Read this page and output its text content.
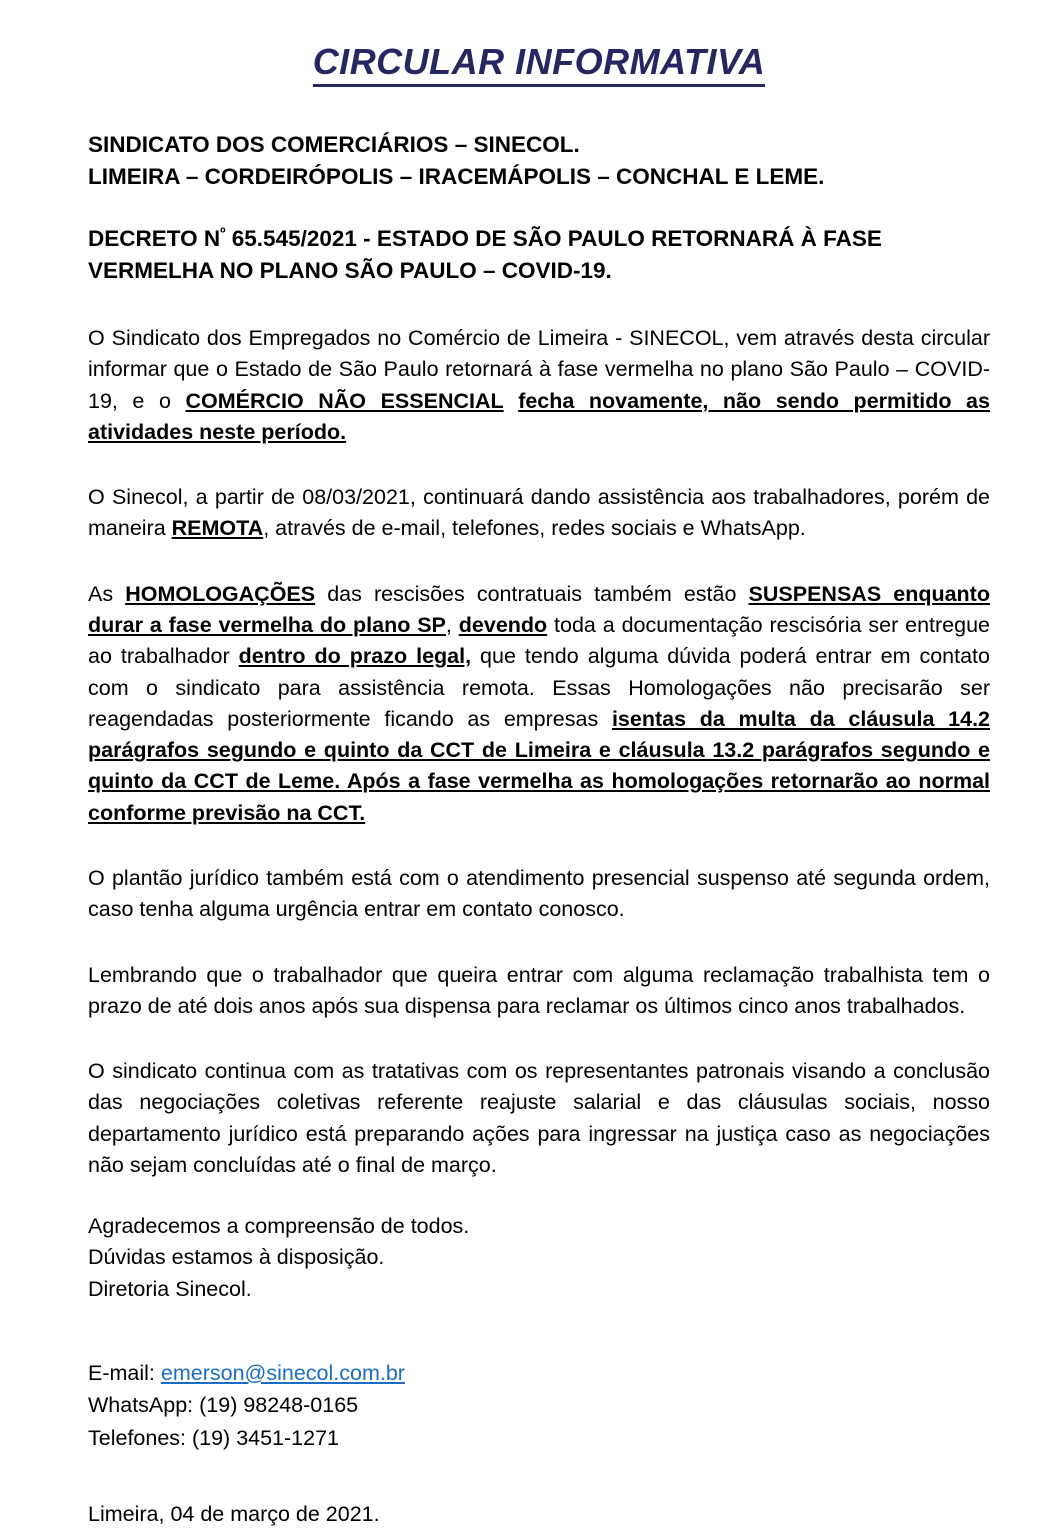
CIRCULAR INFORMATIVA
SINDICATO DOS COMERCIÁRIOS – SINECOL.
LIMEIRA – CORDEIRÓPOLIS – IRACEMÁPOLIS – CONCHAL E LEME.
DECRETO $N^º$ 65.545/2021 - ESTADO DE SÃO PAULO RETORNARÁ À FASE
VERMELHA NO PLANO SÃO PAULO – COVID-19.

O Sindicato dos Empregados no Comércio de Limeira - SINECOL, vem através desta circular informar que o Estado de São Paulo retornará à fase vermelha no plano São Paulo – COVID-19, e o COMÉRCIO NÃO ESSENCIAL fecha novamente, não sendo permitido as atividades neste período.

O Sinecol, a partir de 08/03/2021, continuará dando assistência aos trabalhadores, porém de maneira REMOTA, através de e-mail, telefones, redes sociais e WhatsApp.

As HOMOLOGAÇÕES das rescisões contratuais também estão SUSPENSAS enquanto durar a fase vermelha do plano SP, devendo toda a documentação rescisória ser entregue ao trabalhador dentro do prazo legal, que tendo alguma dúvida poderá entrar em contato com o sindicato para assistência remota. Essas Homologações não precisarão ser reagendadas posteriormente ficando as empresas isentas da multa da cláusula 14.2 parágrafos segundo e quinto da CCT de Limeira e cláusula 13.2 parágrafos segundo e quinto da CCT de Leme. Após a fase vermelha as homologações retornarão ao normal conforme previsão na CCT.

O plantão jurídico também está com o atendimento presencial suspenso até segunda ordem, caso tenha alguma urgência entrar em contato conosco.

Lembrando que o trabalhador que queira entrar com alguma reclamação trabalhista tem o prazo de até dois anos após sua dispensa para reclamar os últimos cinco anos trabalhados.

O sindicato continua com as tratativas com os representantes patronais visando a conclusão das negociações coletivas referente reajuste salarial e das cláusulas sociais, nosso departamento jurídico está preparando ações para ingressar na justiça caso as negociações não sejam concluídas até o final de março.

Agradecemos a compreensão de todos.
Dúvidas estamos à disposição.
Diretoria Sinecol.
E-mail: emerson@sinecol.com.br
WhatsApp: (19) 98248-0165
Telefones: (19) 3451-1271
Limeira, 04 de março de 2021.
